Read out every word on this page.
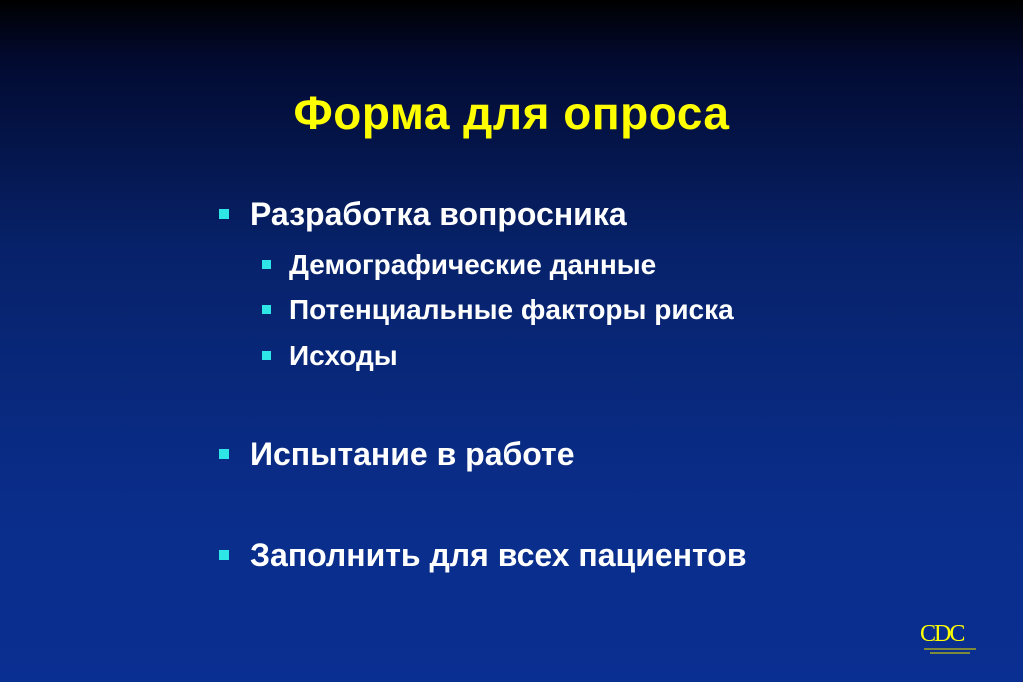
Форма для опроса
Разработка вопросника
Демографические данные
Потенциальные факторы риска
Исходы
Испытание в работе
Заполнить для всех пациентов
CDC
